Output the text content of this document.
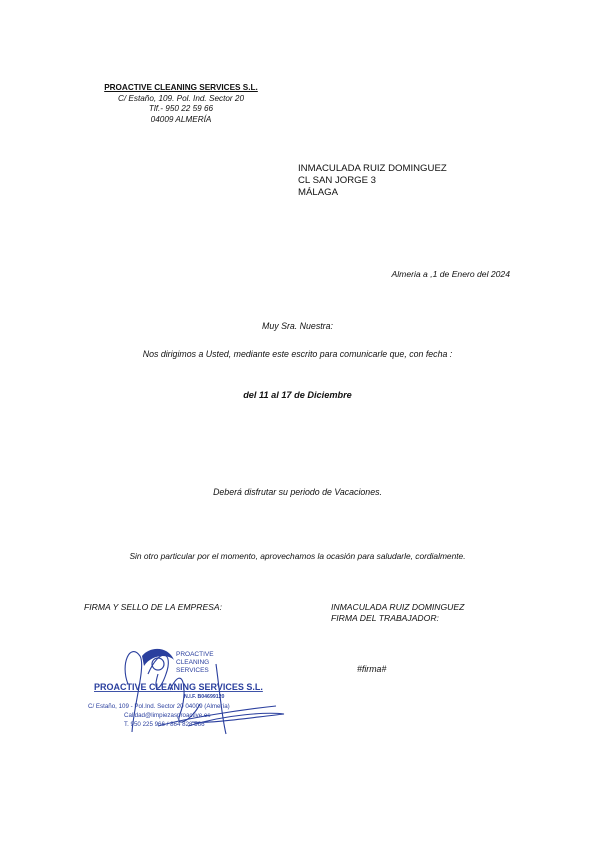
PROACTIVE CLEANING SERVICES S.L.
C/ Estaño, 109. Pol. Ind. Sector 20
Tlf.- 950 22 59 66
04009 ALMERÍA
INMACULADA RUIZ DOMINGUEZ
CL SAN JORGE 3
MÁLAGA
Almeria a ,1 de Enero del 2024
Muy Sra. Nuestra:
Nos dirigimos a Usted, mediante este escrito para comunicarle que, con fecha :
del 11 al 17 de Diciembre
Deberá disfrutar su periodo de Vacaciones.
Sin otro particular por el momento, aprovechamos la ocasión para saludarle, cordialmente.
FIRMA Y SELLO DE LA EMPRESA:	INMACULADA RUIZ DOMINGUEZ
FIRMA DEL TRABAJADOR:
#firma#
PROACTIVE
CLEANING
SERVICES
PROACTIVE CLEANING SERVICES S.L.
N.I.F. B04699120
C/ Estaño, 109 - Pol.Ind. Sector 20 04009 (Almería)
Calidad@limpiezasproactive.es
T. 950 225 966 / 864 828 566
